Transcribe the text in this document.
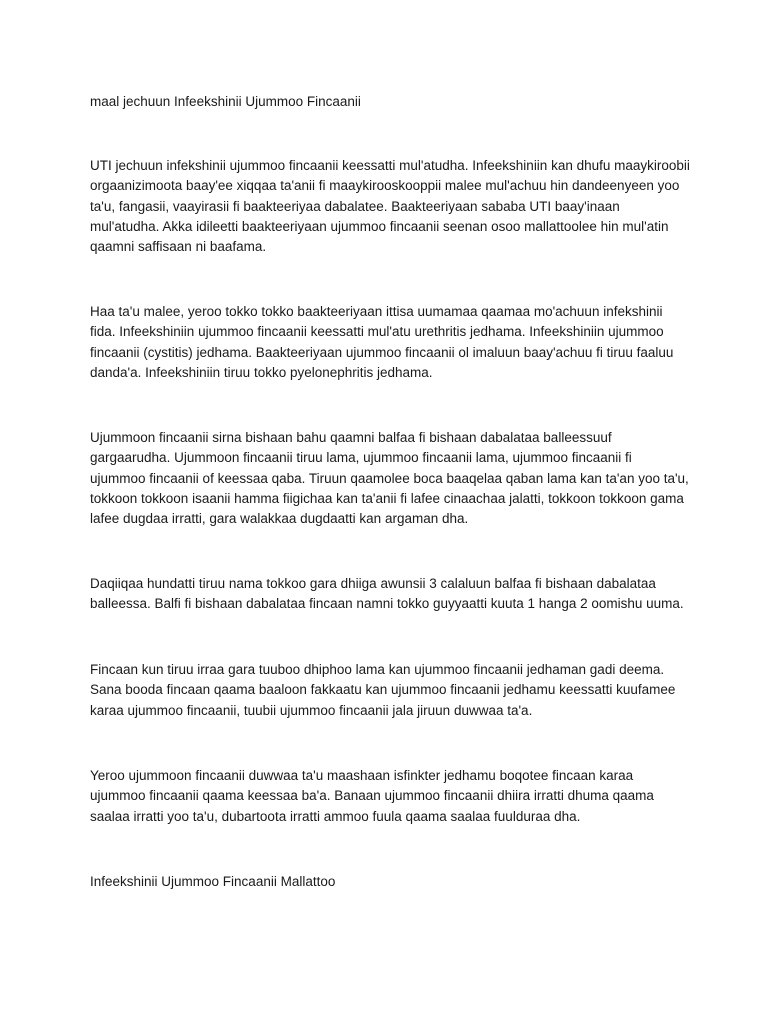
maal jechuun Infeekshinii Ujummoo Fincaanii

UTI jechuun infekshinii ujummoo fincaanii keessatti mul'atudha. Infeekshiniin kan dhufu maaykiroobii orgaanizimoota baay'ee xiqqaa ta'anii fi maaykirooskooppii malee mul'achuu hin dandeenyeen yoo ta'u, fangasii, vaayirasii fi baakteeriyaa dabalatee. Baakteeriyaan sababa UTI baay'inaan mul'atudha. Akka idileetti baakteeriyaan ujummoo fincaanii seenan osoo mallattoolee hin mul'atin qaamni saffisaan ni baafama.

Haa ta'u malee, yeroo tokko tokko baakteeriyaan ittisa uumamaa qaamaa mo'achuun infekshinii fida. Infeekshiniin ujummoo fincaanii keessatti mul'atu urethritis jedhama. Infeekshiniin ujummoo fincaanii (cystitis) jedhama. Baakteeriyaan ujummoo fincaanii ol imaluun baay'achuu fi tiruu faaluu danda'a. Infeekshiniin tiruu tokko pyelonephritis jedhama.

Ujummoon fincaanii sirna bishaan bahu qaamni balfaa fi bishaan dabalataa balleessuuf gargaarudha. Ujummoon fincaanii tiruu lama, ujummoo fincaanii lama, ujummoo fincaanii fi ujummoo fincaanii of keessaa qaba. Tiruun qaamolee boca baaqelaa qaban lama kan ta'an yoo ta'u, tokkoon tokkoon isaanii hamma fiigichaa kan ta'anii fi lafee cinaachaa jalatti, tokkoon tokkoon gama lafee dugdaa irratti, gara walakkaa dugdaatti kan argaman dha.

Daqiiqaa hundatti tiruu nama tokkoo gara dhiiga awunsii 3 calaluun balfaa fi bishaan dabalataa balleessa. Balfi fi bishaan dabalataa fincaan namni tokko guyyaatti kuuta 1 hanga 2 oomishu uuma.

Fincaan kun tiruu irraa gara tuuboo dhiphoo lama kan ujummoo fincaanii jedhaman gadi deema. Sana booda fincaan qaama baaloon fakkaatu kan ujummoo fincaanii jedhamu keessatti kuufamee karaa ujummoo fincaanii, tuubii ujummoo fincaanii jala jiruun duwwaa ta'a.

Yeroo ujummoon fincaanii duwwaa ta'u maashaan isfinkter jedhamu boqotee fincaan karaa ujummoo fincaanii qaama keessaa ba'a. Banaan ujummoo fincaanii dhiira irratti dhuma qaama saalaa irratti yoo ta'u, dubartoota irratti ammoo fuula qaama saalaa fuulduraa dha.

Infeekshinii Ujummoo Fincaanii Mallattoo
